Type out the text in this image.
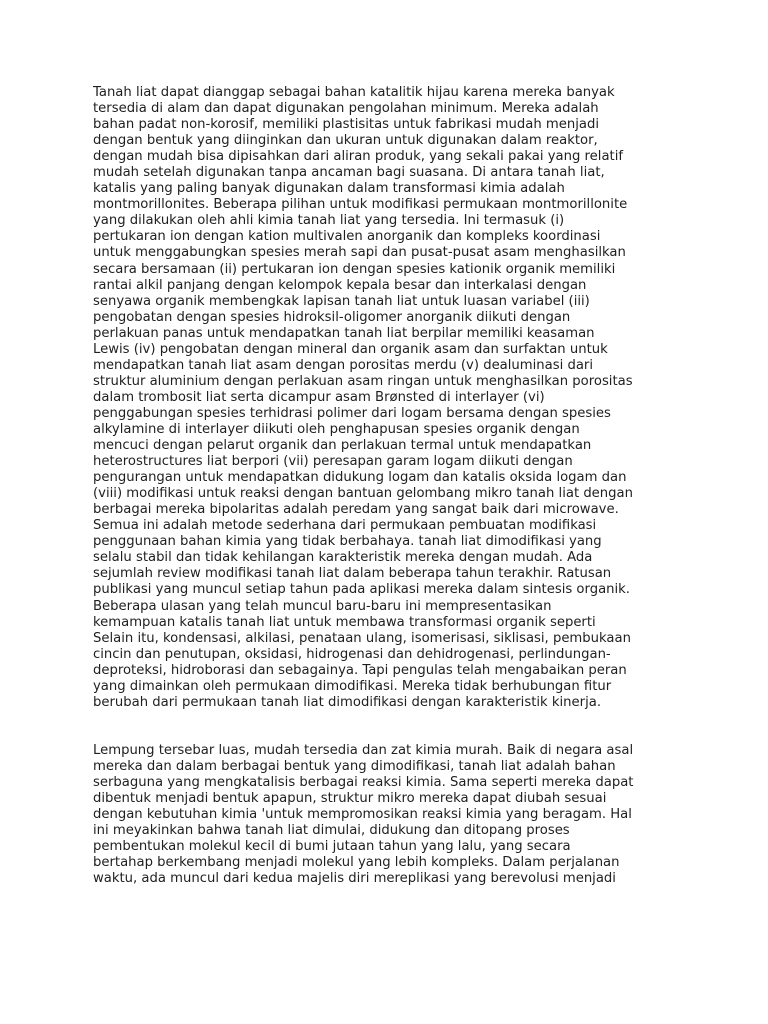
Tanah liat dapat dianggap sebagai bahan katalitik hijau karena mereka banyak
tersedia di alam dan dapat digunakan pengolahan minimum. Mereka adalah
bahan padat non-korosif, memiliki plastisitas untuk fabrikasi mudah menjadi
dengan bentuk yang diinginkan dan ukuran untuk digunakan dalam reaktor,
dengan mudah bisa dipisahkan dari aliran produk, yang sekali pakai yang relatif
mudah setelah digunakan tanpa ancaman bagi suasana. Di antara tanah liat,
katalis yang paling banyak digunakan dalam transformasi kimia adalah
montmorillonites. Beberapa pilihan untuk modifikasi permukaan montmorillonite
yang dilakukan oleh ahli kimia tanah liat yang tersedia. Ini termasuk (i)
pertukaran ion dengan kation multivalen anorganik dan kompleks koordinasi
untuk menggabungkan spesies merah sapi dan pusat-pusat asam menghasilkan
secara bersamaan (ii) pertukaran ion dengan spesies kationik organik memiliki
rantai alkil panjang dengan kelompok kepala besar dan interkalasi dengan
senyawa organik membengkak lapisan tanah liat untuk luasan variabel (iii)
pengobatan dengan spesies hidroksil-oligomer anorganik diikuti dengan
perlakuan panas untuk mendapatkan tanah liat berpilar memiliki keasaman
Lewis (iv) pengobatan dengan mineral dan organik asam dan surfaktan untuk
mendapatkan tanah liat asam dengan porositas merdu (v) dealuminasi dari
struktur aluminium dengan perlakuan asam ringan untuk menghasilkan porositas
dalam trombosit liat serta dicampur asam Brønsted di interlayer (vi)
penggabungan spesies terhidrasi polimer dari logam bersama dengan spesies
alkylamine di interlayer diikuti oleh penghapusan spesies organik dengan
mencuci dengan pelarut organik dan perlakuan termal untuk mendapatkan
heterostructures liat berpori (vii) peresapan garam logam diikuti dengan
pengurangan untuk mendapatkan didukung logam dan katalis oksida logam dan
(viii) modifikasi untuk reaksi dengan bantuan gelombang mikro tanah liat dengan
berbagai mereka bipolaritas adalah peredam yang sangat baik dari microwave.
Semua ini adalah metode sederhana dari permukaan pembuatan modifikasi
penggunaan bahan kimia yang tidak berbahaya. tanah liat dimodifikasi yang
selalu stabil dan tidak kehilangan karakteristik mereka dengan mudah. Ada
sejumlah review modifikasi tanah liat dalam beberapa tahun terakhir. Ratusan
publikasi yang muncul setiap tahun pada aplikasi mereka dalam sintesis organik.
Beberapa ulasan yang telah muncul baru-baru ini mempresentasikan
kemampuan katalis tanah liat untuk membawa transformasi organik seperti
Selain itu, kondensasi, alkilasi, penataan ulang, isomerisasi, siklisasi, pembukaan
cincin dan penutupan, oksidasi, hidrogenasi dan dehidrogenasi, perlindungan-
deproteksi, hidroborasi dan sebagainya. Tapi pengulas telah mengabaikan peran
yang dimainkan oleh permukaan dimodifikasi. Mereka tidak berhubungan fitur
berubah dari permukaan tanah liat dimodifikasi dengan karakteristik kinerja.
Lempung tersebar luas, mudah tersedia dan zat kimia murah. Baik di negara asal
mereka dan dalam berbagai bentuk yang dimodifikasi, tanah liat adalah bahan
serbaguna yang mengkatalisis berbagai reaksi kimia. Sama seperti mereka dapat
dibentuk menjadi bentuk apapun, struktur mikro mereka dapat diubah sesuai
dengan kebutuhan kimia 'untuk mempromosikan reaksi kimia yang beragam. Hal
ini meyakinkan bahwa tanah liat dimulai, didukung dan ditopang proses
pembentukan molekul kecil di bumi jutaan tahun yang lalu, yang secara
bertahap berkembang menjadi molekul yang lebih kompleks. Dalam perjalanan
waktu, ada muncul dari kedua majelis diri mereplikasi yang berevolusi menjadi
